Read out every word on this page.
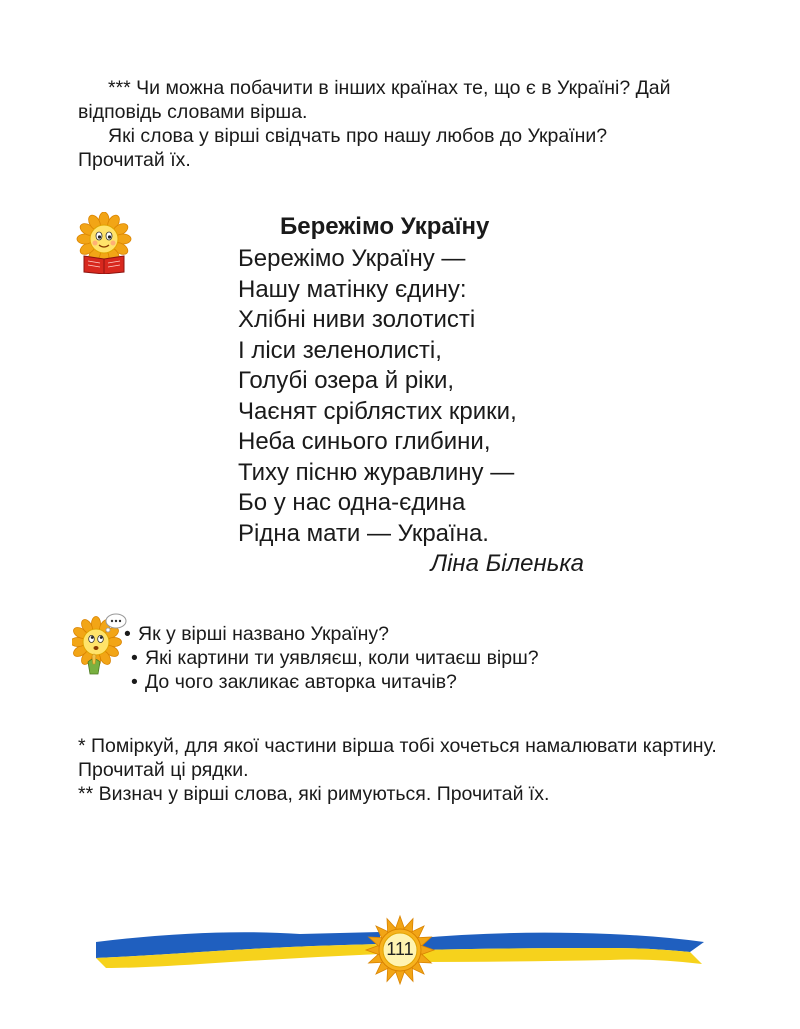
*** Чи можна побачити в інших країнах те, що є в Україні? Дай відповідь словами вірша.

Які слова у вірші свідчать про нашу любов до України? Прочитай їх.

Бережімо Україну
Бережімо Україну —
Нашу матінку єдину:
Хлібні ниви золотисті
І ліси зеленолисті,
Голубі озера й ріки,
Чаєнят сріблястих крики,
Неба синього глибини,
Тиху пісню журавлину —
Бо у нас одна-єдина
Рідна мати — Україна.

Ліна Біленька

• Як у вірші названо Україну?
• Які картини ти уявляєш, коли читаєш вірш?
• До чого закликає авторка читачів?

* Поміркуй, для якої частини вірша тобі хочеться намалювати картину. Прочитай ці рядки.

** Визнач у вірші слова, які римуються. Прочитай їх.

111
